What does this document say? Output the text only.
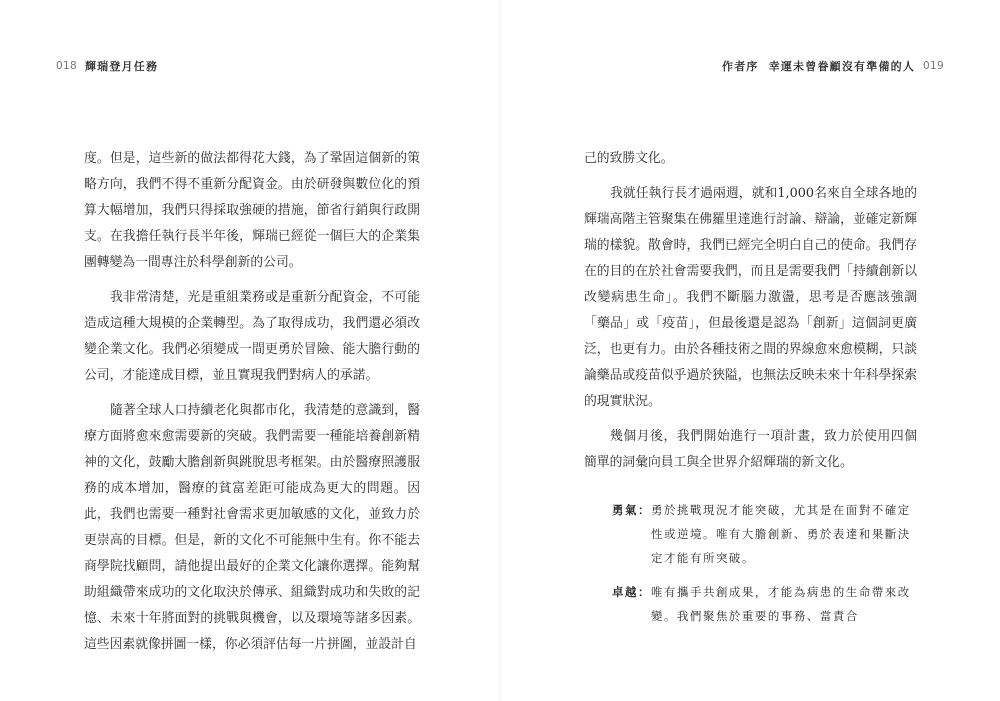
018 輝瑞登月任務

度。但是，這些新的做法都得花大錢，為了鞏固這個新的策略方向，我們不得不重新分配資金。由於研發與數位化的預算大幅增加，我們只得採取強硬的措施，節省行銷與行政開支。在我擔任執行長半年後，輝瑞已經從一個巨大的企業集團轉變為一間專注於科學創新的公司。

我非常清楚，光是重組業務或是重新分配資金，不可能造成這種大規模的企業轉型。為了取得成功，我們還必須改變企業文化。我們必須變成一間更勇於冒險、能大膽行動的公司，才能達成目標，並且實現我們對病人的承諾。

隨著全球人口持續老化與都市化，我清楚的意識到，醫療方面將愈來愈需要新的突破。我們需要一種能培養創新精神的文化，鼓勵大膽創新與跳脫思考框架。由於醫療照護服務的成本增加，醫療的貧富差距可能成為更大的問題。因此，我們也需要一種對社會需求更加敏感的文化，並致力於更崇高的目標。但是，新的文化不可能無中生有。你不能去商學院找顧問，請他提出最好的企業文化讓你選擇。能夠幫助組織帶來成功的文化取決於傳承、組織對成功和失敗的記憶、未來十年將面對的挑戰與機會，以及環境等諸多因素。這些因素就像拼圖一樣，你必須評估每一片拼圖，並設計自

作者序 幸運未曾眷顧沒有準備的人 019

己的致勝文化。

我就任執行長才過兩週，就和1,000名來自全球各地的輝瑞高階主管聚集在佛羅里達進行討論、辯論，並確定新輝瑞的樣貌。散會時，我們已經完全明白自己的使命。我們存在的目的在於社會需要我們，而且是需要我們「持續創新以改變病患生命」。我們不斷腦力激盪，思考是否應該強調「藥品」或「疫苗」，但最後還是認為「創新」這個詞更廣泛，也更有力。由於各種技術之間的界線愈來愈模糊，只談論藥品或疫苗似乎過於狹隘，也無法反映未來十年科學探索的現實狀況。

幾個月後，我們開始進行一項計畫，致力於使用四個簡單的詞彙向員工與全世界介紹輝瑞的新文化。

勇氣： 勇於挑戰現況才能突破，尤其是在面對不確定性或逆境。唯有大膽創新、勇於表達和果斷決定才能有所突破。
卓越： 唯有攜手共創成果，才能為病患的生命帶來改變。我們聚焦於重要的事務、當責合
